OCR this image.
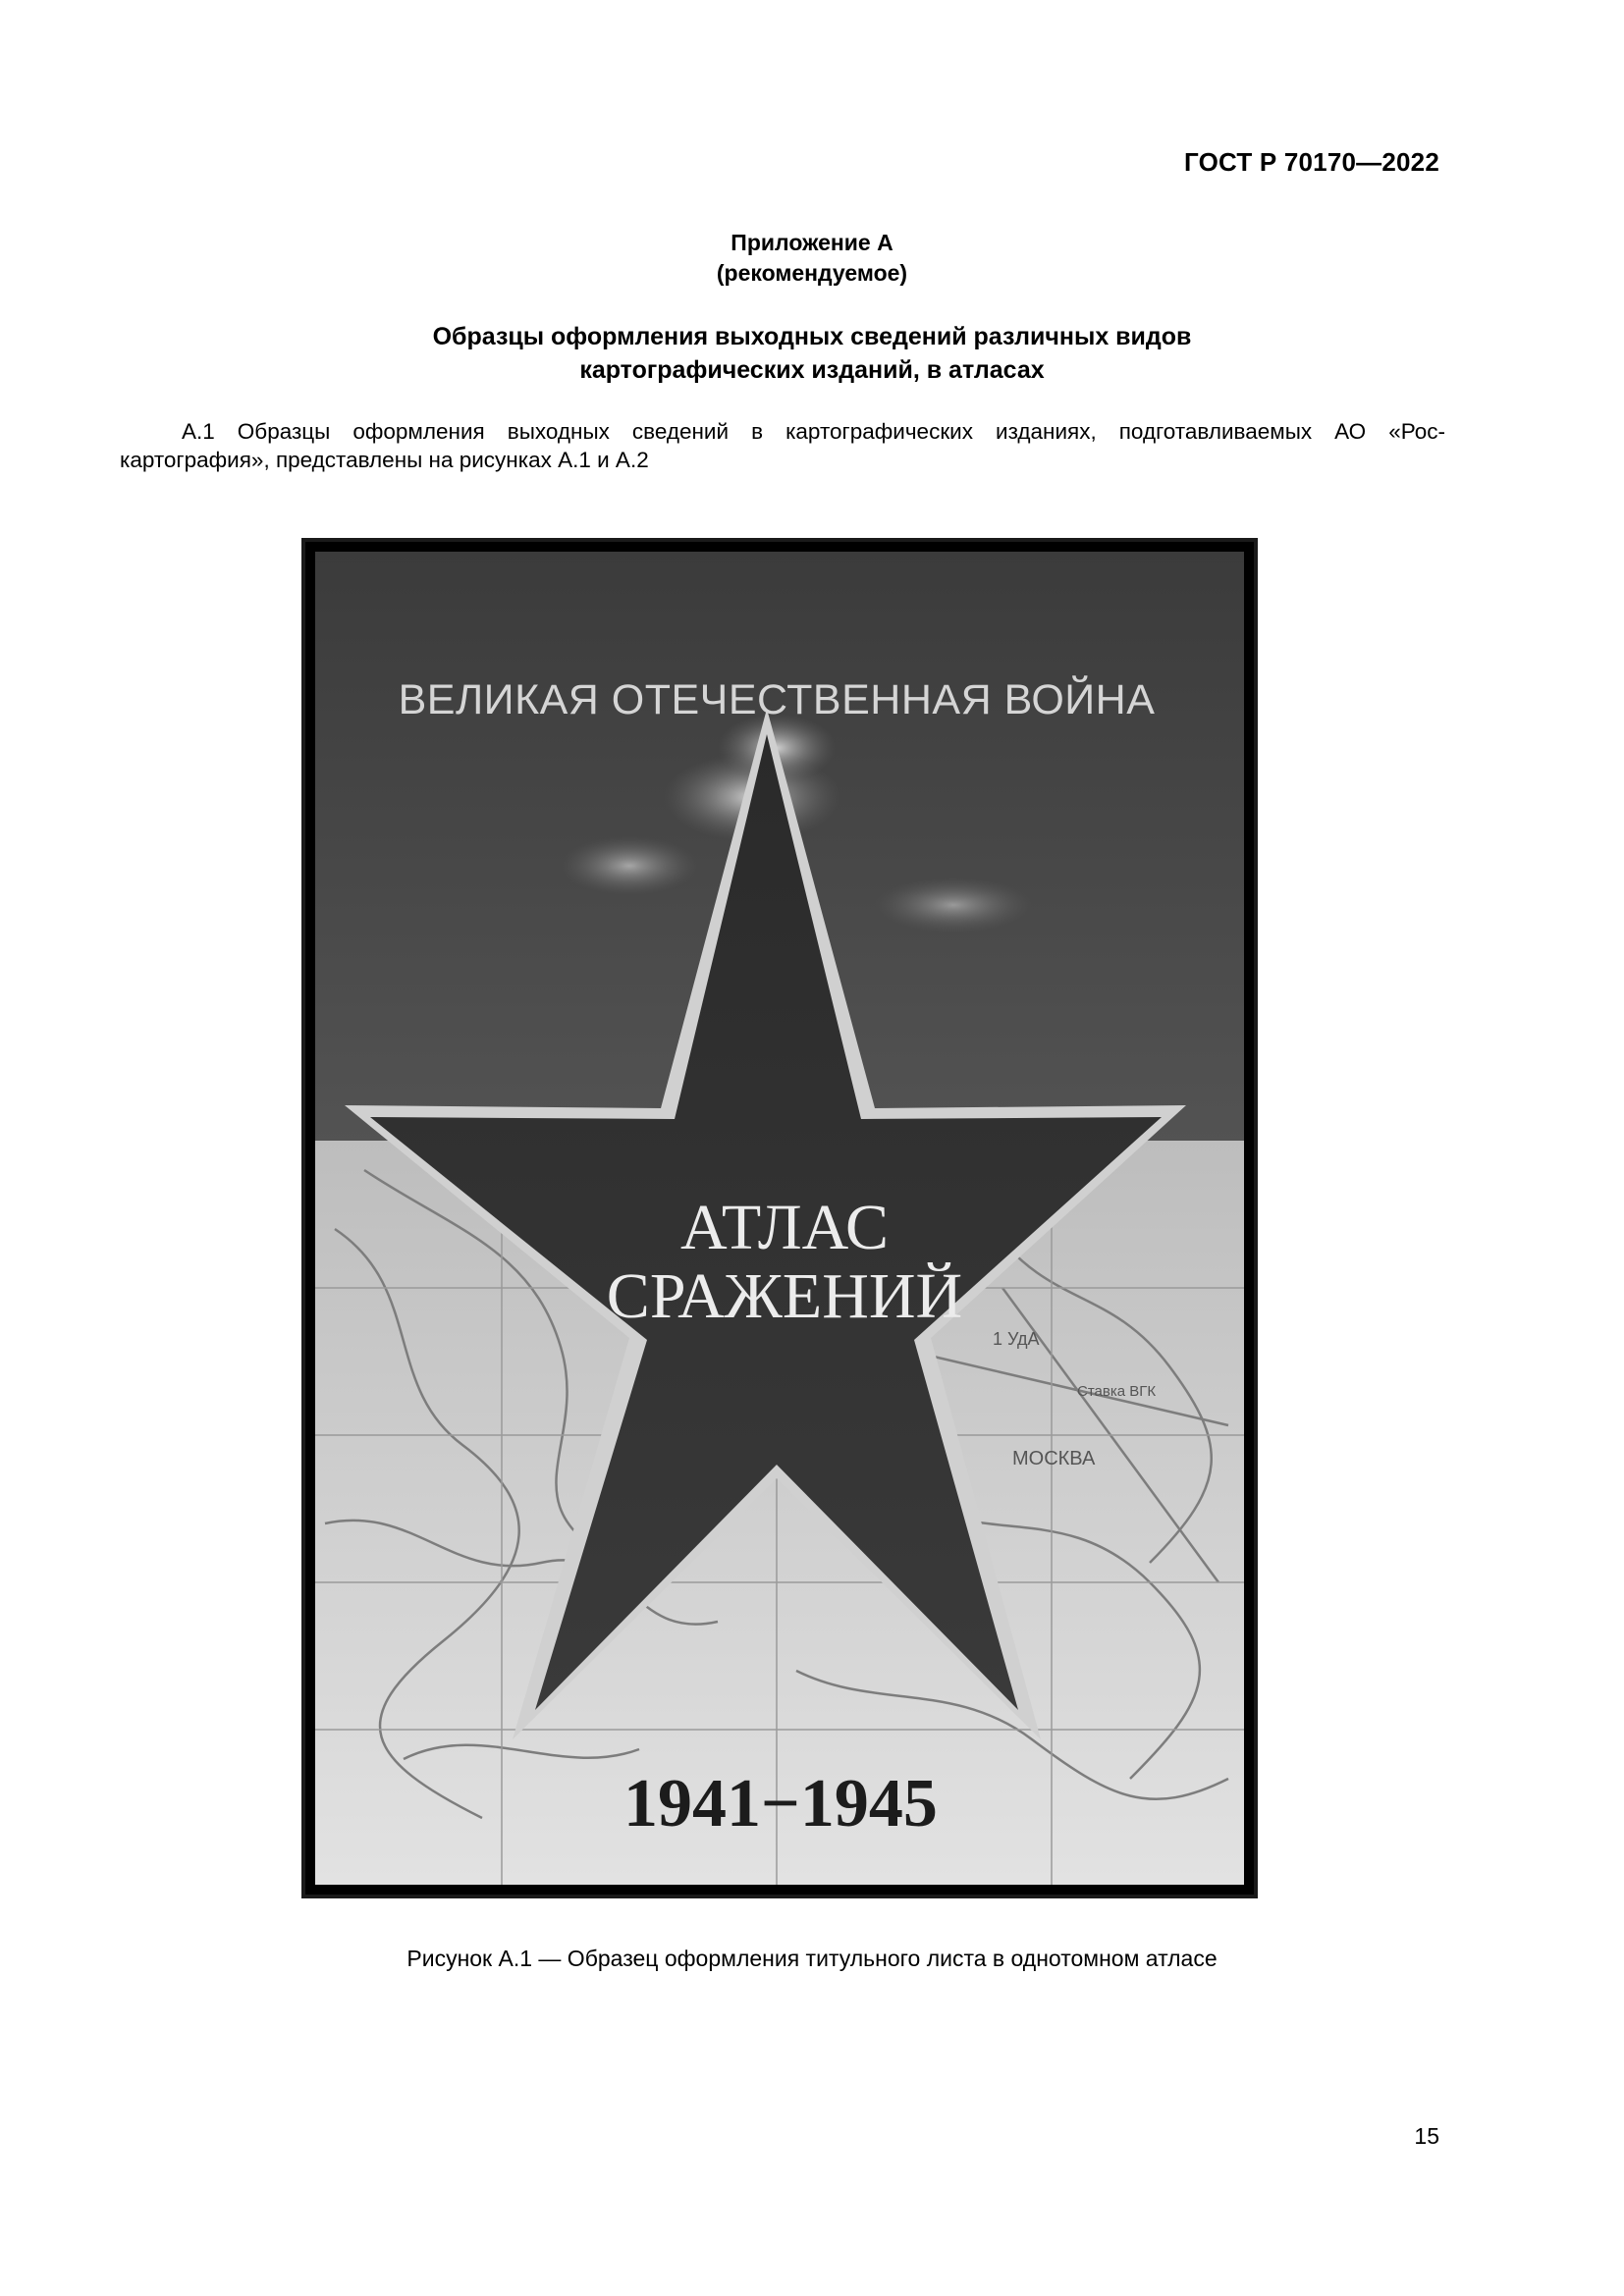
ГОСТ Р 70170—2022
Приложение А
(рекомендуемое)
Образцы оформления выходных сведений различных видов
картографических изданий, в атласах
А.1 Образцы оформления выходных сведений в картографических изданиях, подготавливаемых АО «Рос-
картография», представлены на рисунках А.1 и А.2
1 УдА
Ставка ВГК
МОСКВА
ВЕЛИКАЯ ОТЕЧЕСТВЕННАЯ ВОЙНА
АТЛАС
СРАЖЕНИЙ
1941−1945
Рисунок А.1 — Образец оформления титульного листа в однотомном атласе
15
